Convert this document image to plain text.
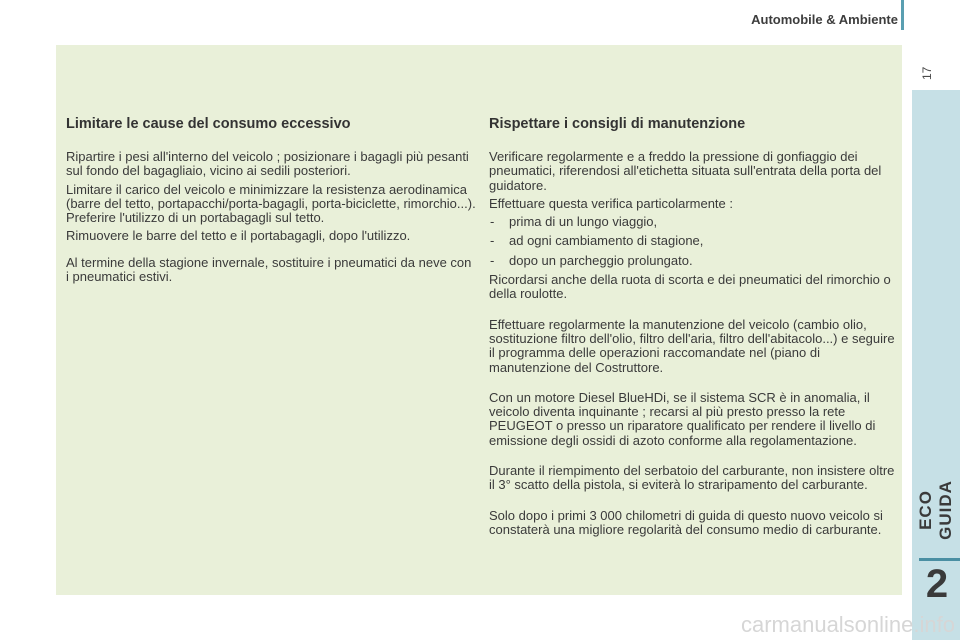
Automobile & Ambiente
17
ECO GUIDA
2
Limitare le cause del consumo eccessivo

Ripartire i pesi all'interno del veicolo ; posizionare i bagagli più pesanti sul fondo del bagagliaio, vicino ai sedili posteriori.

Limitare il carico del veicolo e minimizzare la resistenza aerodinamica (barre del tetto, portapacchi/porta-bagagli, porta-biciclette, rimorchio...). Preferire l'utilizzo di un portabagagli sul tetto.

Rimuovere le barre del tetto e il portabagagli, dopo l'utilizzo.

Al termine della stagione invernale, sostituire i pneumatici da neve con i pneumatici estivi.

Rispettare i consigli di manutenzione

Verificare regolarmente e a freddo la pressione di gonfiaggio dei pneumatici, riferendosi all'etichetta situata sull'entrata della porta del guidatore.

Effettuare questa verifica particolarmente :

- prima di un lungo viaggio,
- ad ogni cambiamento di stagione,
- dopo un parcheggio prolungato.

Ricordarsi anche della ruota di scorta e dei pneumatici del rimorchio o della roulotte.

Effettuare regolarmente la manutenzione del veicolo (cambio olio, sostituzione filtro dell'olio, filtro dell'aria, filtro dell'abitacolo...) e seguire il programma delle operazioni raccomandate nel (piano di manutenzione del Costruttore.

Con un motore Diesel BlueHDi, se il sistema SCR è in anomalia, il veicolo diventa inquinante ; recarsi al più presto presso la rete PEUGEOT o presso un riparatore qualificato per rendere il livello di emissione degli ossidi di azoto conforme alla regolamentazione.

Durante il riempimento del serbatoio del carburante, non insistere oltre il 3° scatto della pistola, si eviterà lo straripamento del carburante.

Solo dopo i primi 3 000 chilometri di guida di questo nuovo veicolo si constaterà una migliore regolarità del consumo medio di carburante.

carmanualsonline.info
